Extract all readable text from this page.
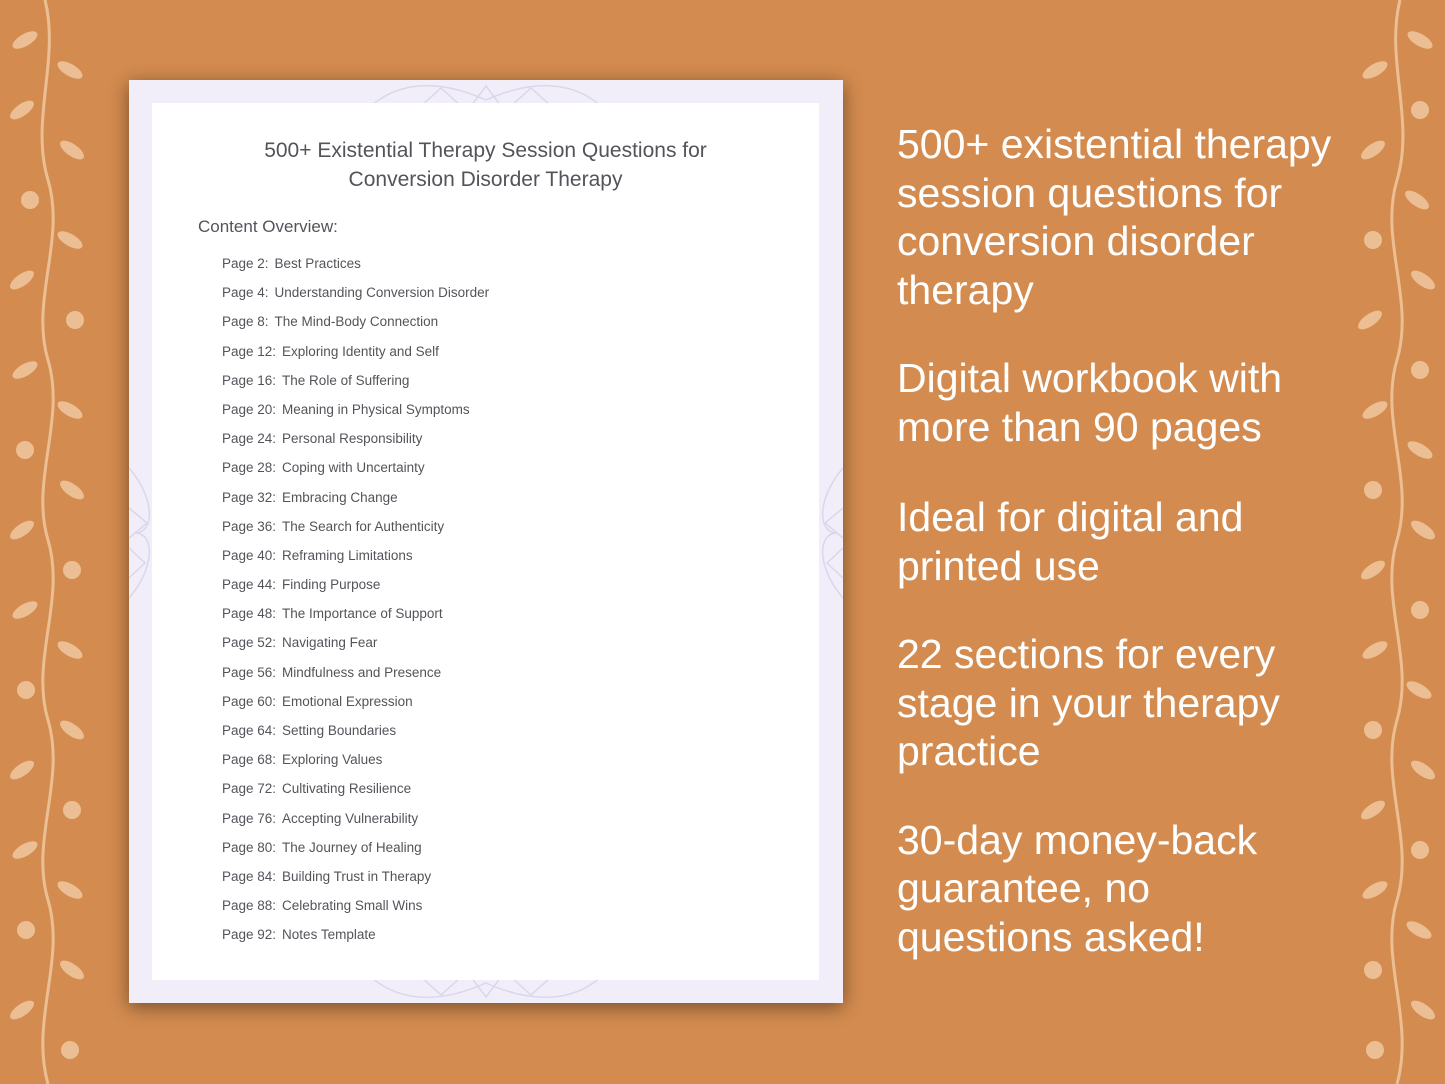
500+ Existential Therapy Session Questions for
Conversion Disorder Therapy
Content Overview:
Page 2: Best Practices
Page 4: Understanding Conversion Disorder
Page 8: The Mind-Body Connection
Page 12: Exploring Identity and Self
Page 16: The Role of Suffering
Page 20: Meaning in Physical Symptoms
Page 24: Personal Responsibility
Page 28: Coping with Uncertainty
Page 32: Embracing Change
Page 36: The Search for Authenticity
Page 40: Reframing Limitations
Page 44: Finding Purpose
Page 48: The Importance of Support
Page 52: Navigating Fear
Page 56: Mindfulness and Presence
Page 60: Emotional Expression
Page 64: Setting Boundaries
Page 68: Exploring Values
Page 72: Cultivating Resilience
Page 76: Accepting Vulnerability
Page 80: The Journey of Healing
Page 84: Building Trust in Therapy
Page 88: Celebrating Small Wins
Page 92: Notes Template
500+ existential therapy
session questions for
conversion disorder
therapy
Digital workbook with
more than 90 pages
Ideal for digital and
printed use
22 sections for every
stage in your therapy
practice
30-day money-back
guarantee, no
questions asked!
